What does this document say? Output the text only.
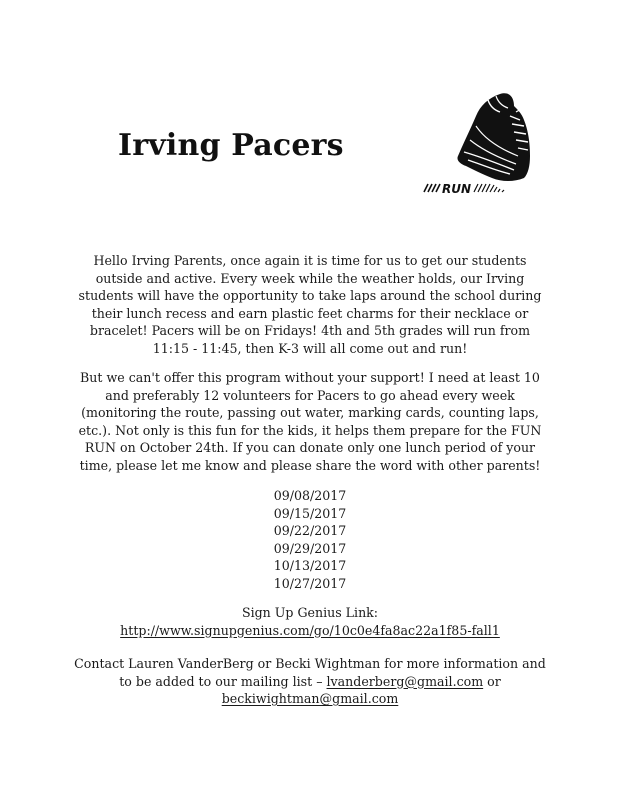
Irving Pacers
RUN
Hello Irving Parents, once again it is time for us to get our students
outside and active. Every week while the weather holds, our Irving
students will have the opportunity to take laps around the school during
their lunch recess and earn plastic feet charms for their necklace or
bracelet! Pacers will be on Fridays! 4th and 5th grades will run from
11:15 - 11:45, then K-3 will all come out and run!
But we can't offer this program without your support! I need at least 10
and preferably 12 volunteers for Pacers to go ahead every week
(monitoring the route, passing out water, marking cards, counting laps,
etc.). Not only is this fun for the kids, it helps them prepare for the FUN
RUN on October 24th. If you can donate only one lunch period of your
time, please let me know and please share the word with other parents!
09/08/2017
09/15/2017
09/22/2017
09/29/2017
10/13/2017
10/27/2017
Sign Up Genius Link:
http://www.signupgenius.com/go/10c0e4fa8ac22a1f85-fall1
Contact Lauren VanderBerg or Becki Wightman for more information and
to be added to our mailing list – lvanderberg@gmail.com or
beckiwightman@gmail.com
